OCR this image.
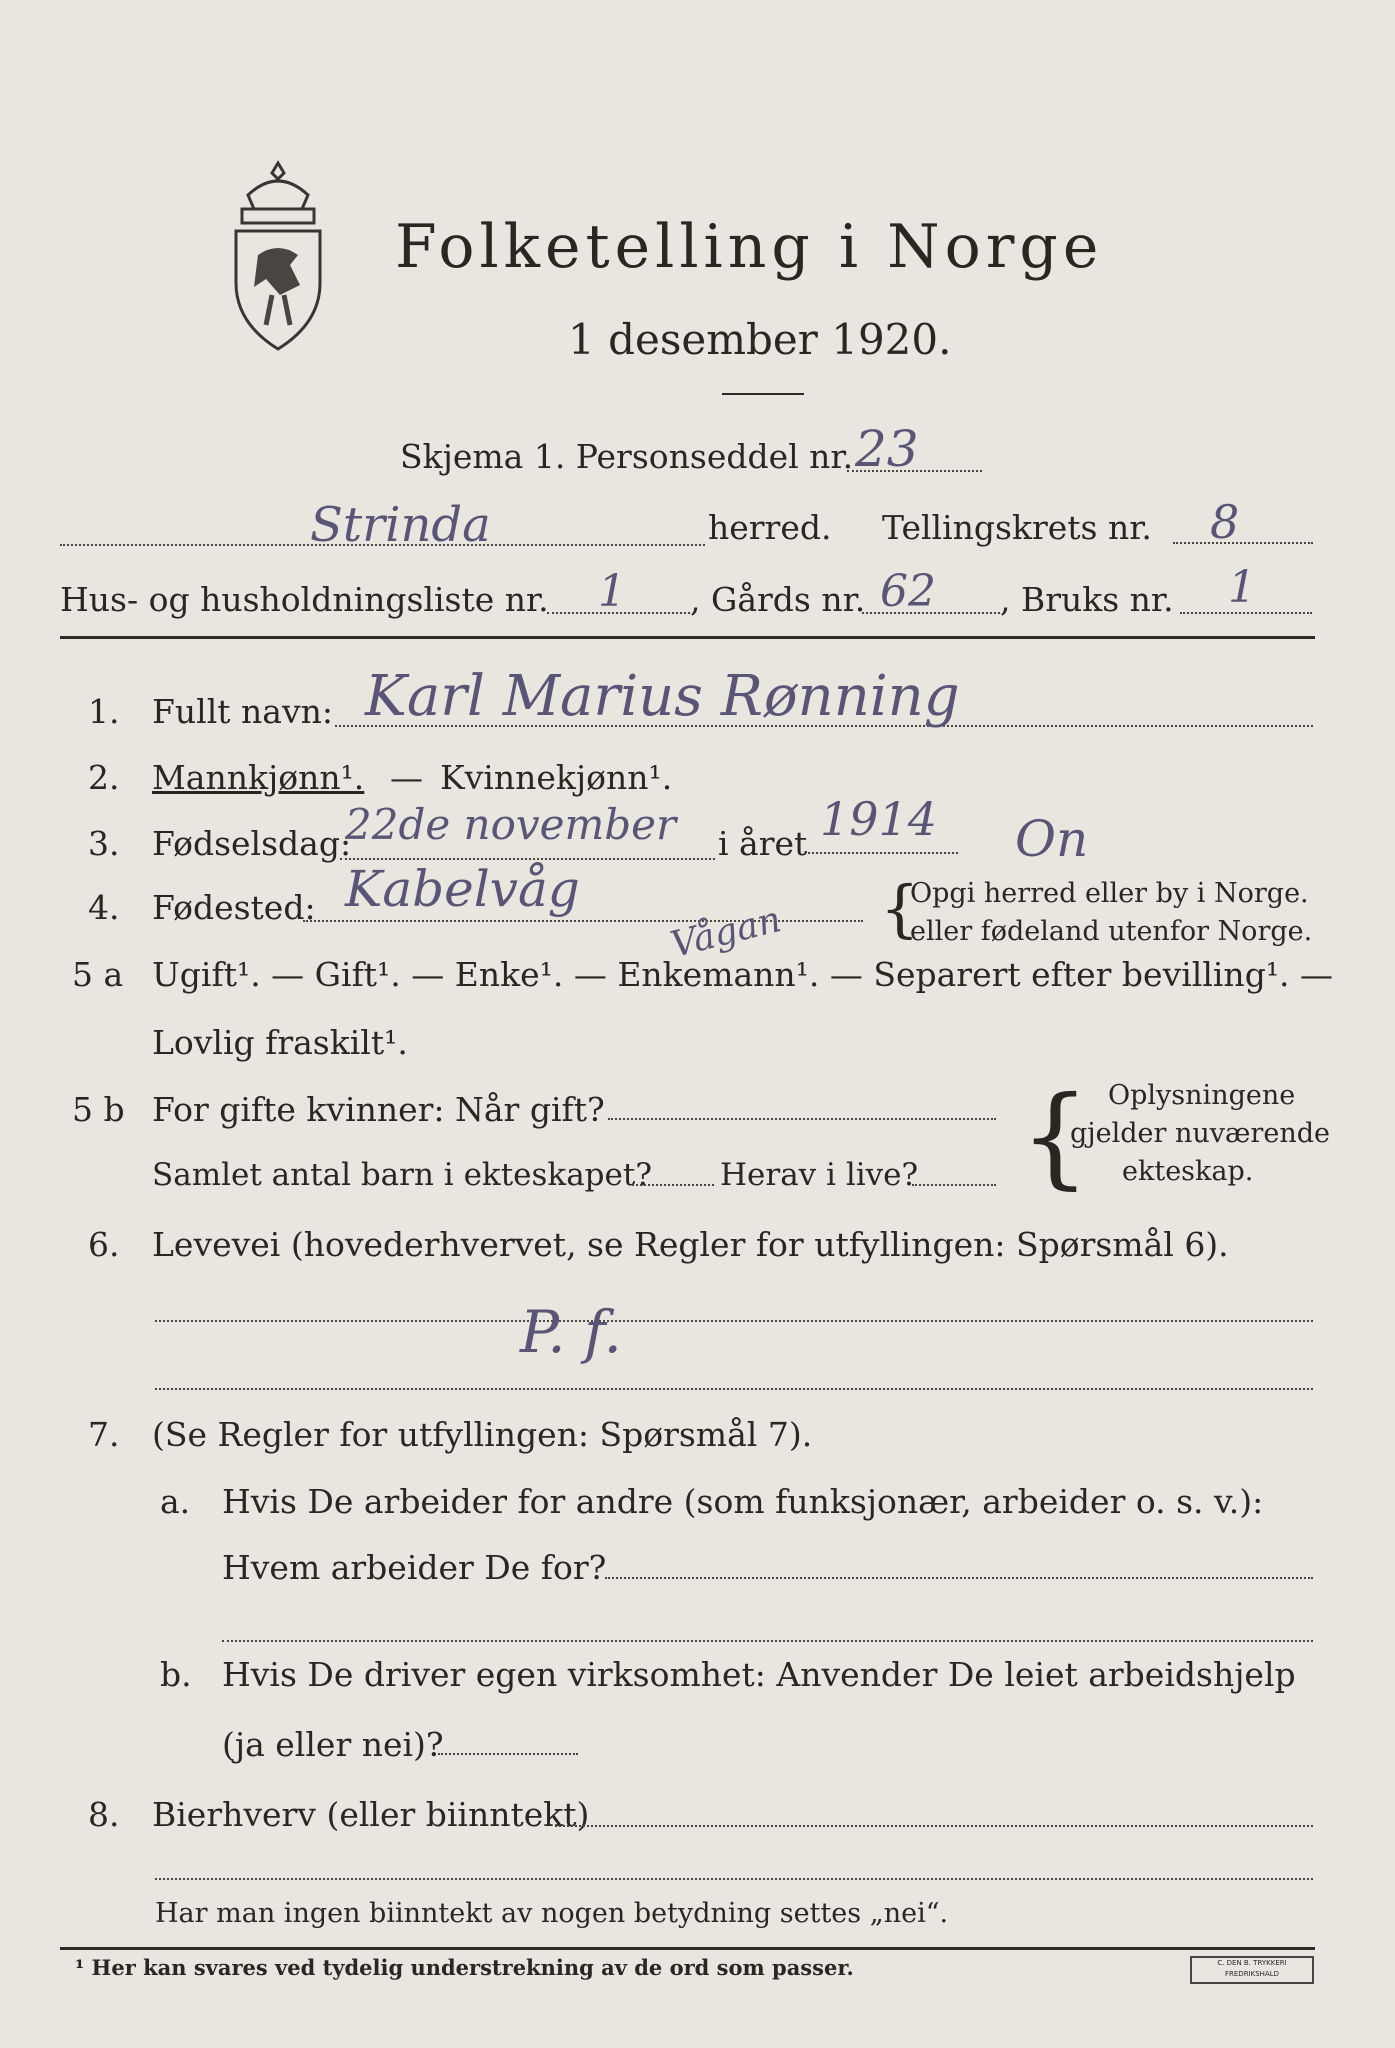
Folketelling i Norge
1 desember 1920.
Skjema 1. Personseddel nr. 23
Strinda	herred. Tellingskrets nr. 8
Hus- og husholdningsliste nr. 1 , Gårds nr. 62 , Bruks nr. 1
1. Fullt navn: Karl Marius Rønning
2. Mannkjønn¹. — Kvinnekjønn¹.
3. Fødselsdag:
22de november i året 1914 On
4. Fødested: Kabelvåg
Vågan {
Opgi herred eller by i Norge.
eller fødeland utenfor Norge.
5 a Ugift¹. — Gift¹. — Enke¹. — Enkemann¹. — Separert efter bevilling¹. —
Lovlig fraskilt¹.
5 b For gifte kvinner: Når gift?
Samlet antal barn i ekteskapet? Herav i live? { Oplysningene
gjelder nuværende
ekteskap.
6. Levevei (hovederhvervet, se Regler for utfyllingen: Spørsmål 6).
P. f.
7. (Se Regler for utfyllingen: Spørsmål 7).
a. Hvis De arbeider for andre (som funksjonær, arbeider o. s. v.):
Hvem arbeider De for?
b. Hvis De driver egen virksomhet: Anvender De leiet arbeidshjelp
(ja eller nei)?
8. Bierhverv (eller biinntekt)
Har man ingen biinntekt av nogen betydning settes „nei“.
¹ Her kan svares ved tydelig understrekning av de ord som passer.	C. DEN B. TRYKKERI FREDRIKSHALD
